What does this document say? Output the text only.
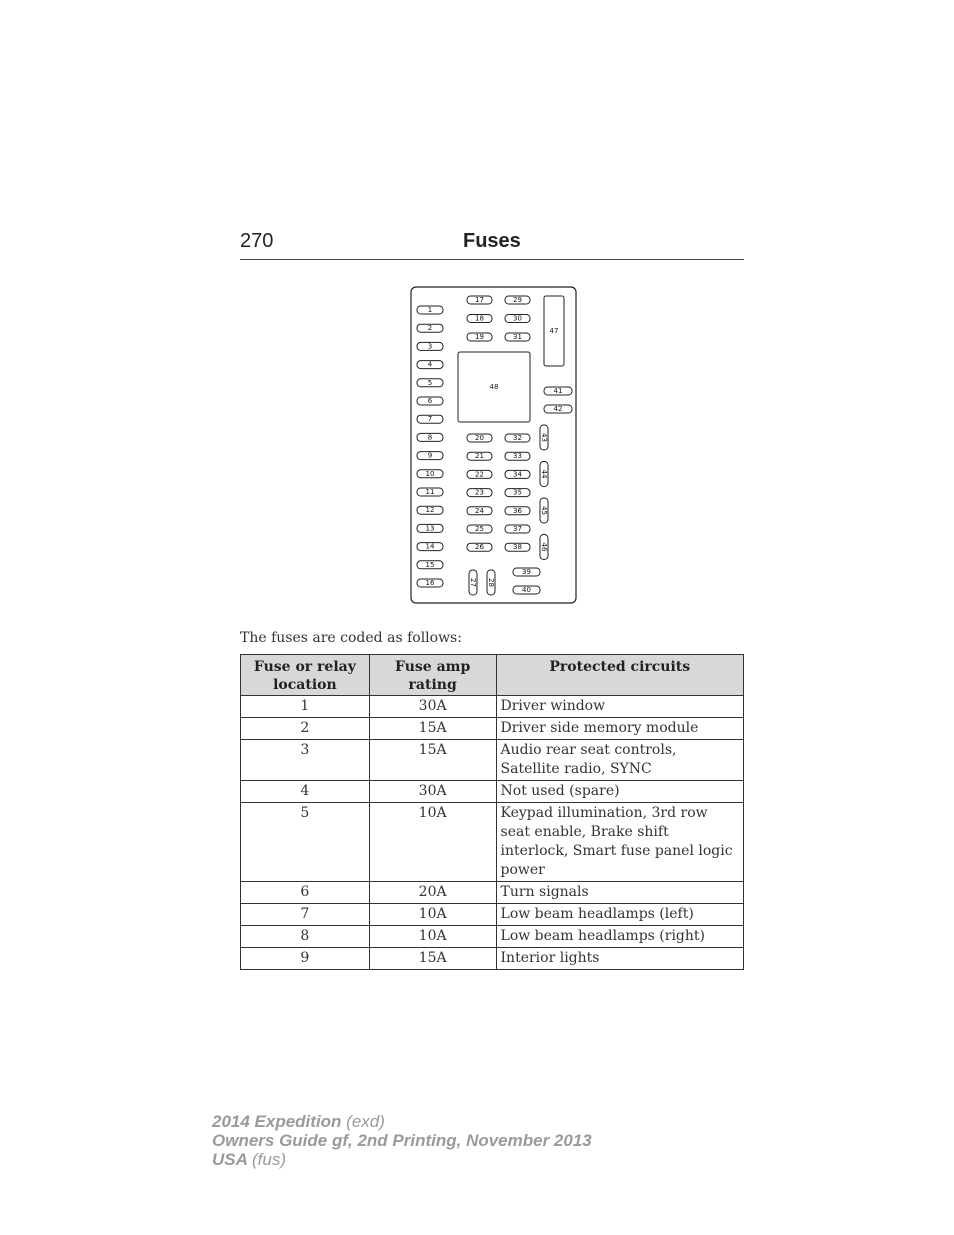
270	Fuses
1
2
3
4
5
6
7
8
9
10
11
12
13
14
15
16
17
18
19
29
30
31
20
21
22
23
24
25
26
32
33
34
35
36
37
38
27 28
39
40
41
42
43
44
45
46
47
48
The fuses are coded as follows:
Fuse or relay location	Fuse amp rating	Protected circuits
1	30A	Driver window
2	15A	Driver side memory module
3	15A	Audio rear seat controls, Satellite radio, SYNC
4	30A	Not used (spare)
5	10A	Keypad illumination, 3rd row seat enable, Brake shift interlock, Smart fuse panel logic power
6	20A	Turn signals
7	10A	Low beam headlamps (left)
8	10A	Low beam headlamps (right)
9	15A	Interior lights
2014 Expedition (exd)
Owners Guide gf, 2nd Printing, November 2013
USA (fus)
